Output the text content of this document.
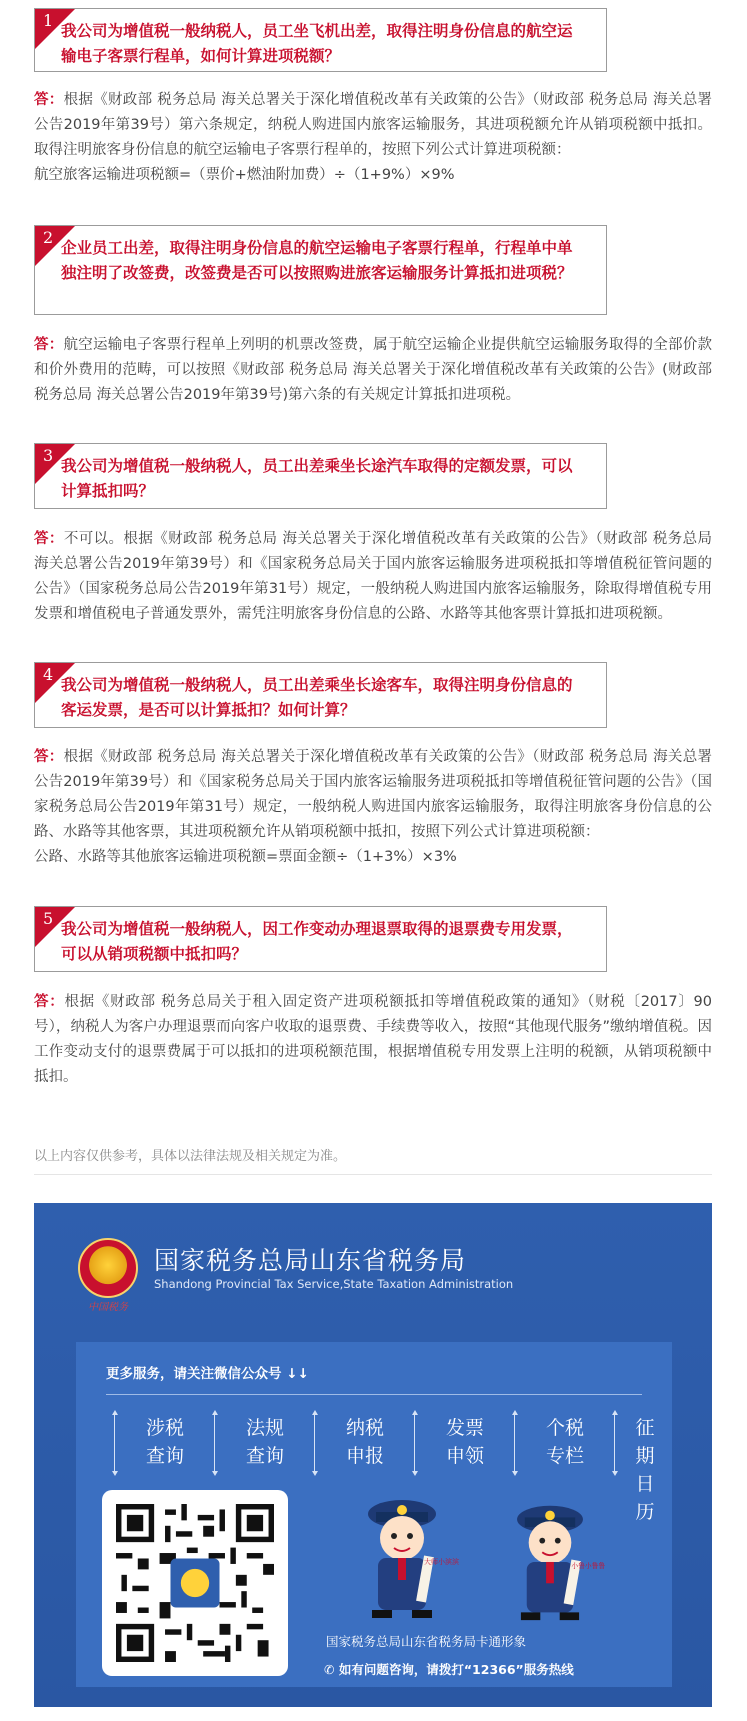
1
我公司为增值税一般纳税人，员工坐飞机出差，取得注明身份信息的航空运输电子客票行程单，如何计算进项税额？
答：根据《财政部 税务总局 海关总署关于深化增值税改革有关政策的公告》（财政部 税务总局 海关总署公告2019年第39号）第六条规定，纳税人购进国内旅客运输服务，其进项税额允许从销项税额中抵扣。取得注明旅客身份信息的航空运输电子客票行程单的，按照下列公式计算进项税额：
航空旅客运输进项税额=（票价+燃油附加费）÷（1+9%）×9%
2
企业员工出差，取得注明身份信息的航空运输电子客票行程单，行程单中单独注明了改签费，改签费是否可以按照购进旅客运输服务计算抵扣进项税？
答：航空运输电子客票行程单上列明的机票改签费，属于航空运输企业提供航空运输服务取得的全部价款和价外费用的范畴，可以按照《财政部 税务总局 海关总署关于深化增值税改革有关政策的公告》(财政部 税务总局 海关总署公告2019年第39号)第六条的有关规定计算抵扣进项税。
3
我公司为增值税一般纳税人，员工出差乘坐长途汽车取得的定额发票，可以计算抵扣吗？
答：不可以。根据《财政部 税务总局 海关总署关于深化增值税改革有关政策的公告》（财政部 税务总局 海关总署公告2019年第39号）和《国家税务总局关于国内旅客运输服务进项税抵扣等增值税征管问题的公告》（国家税务总局公告2019年第31号）规定，一般纳税人购进国内旅客运输服务，除取得增值税专用发票和增值税电子普通发票外，需凭注明旅客身份信息的公路、水路等其他客票计算抵扣进项税额。
4
我公司为增值税一般纳税人，员工出差乘坐长途客车，取得注明身份信息的客运发票，是否可以计算抵扣？如何计算？
答：根据《财政部 税务总局 海关总署关于深化增值税改革有关政策的公告》（财政部 税务总局 海关总署公告2019年第39号）和《国家税务总局关于国内旅客运输服务进项税抵扣等增值税征管问题的公告》（国家税务总局公告2019年第31号）规定，一般纳税人购进国内旅客运输服务，取得注明旅客身份信息的公路、水路等其他客票，其进项税额允许从销项税额中抵扣，按照下列公式计算进项税额：
公路、水路等其他旅客运输进项税额=票面金额÷（1+3%）×3%
5
我公司为增值税一般纳税人，因工作变动办理退票取得的退票费专用发票，可以从销项税额中抵扣吗？
答：根据《财政部 税务总局关于租入固定资产进项税额抵扣等增值税政策的通知》（财税〔2017〕90号），纳税人为客户办理退票而向客户收取的退票费、手续费等收入，按照“其他现代服务”缴纳增值税。因工作变动支付的退票费属于可以抵扣的进项税额范围，根据增值税专用发票上注明的税额，从销项税额中抵扣。
以上内容仅供参考，具体以法律法规及相关规定为准。
中国税务
国家税务总局山东省税务局
Shandong Provincial Tax Service,State Taxation Administration
更多服务，请关注微信公众号 ↓↓
涉税
查询
法规
查询
纳税
申报
发票
申领
个税
专栏
征期
日历
大师小滨滨	小鲁小鲁鲁
国家税务总局山东省税务局卡通形象
✆ 如有问题咨询，请拨打“12366”服务热线
